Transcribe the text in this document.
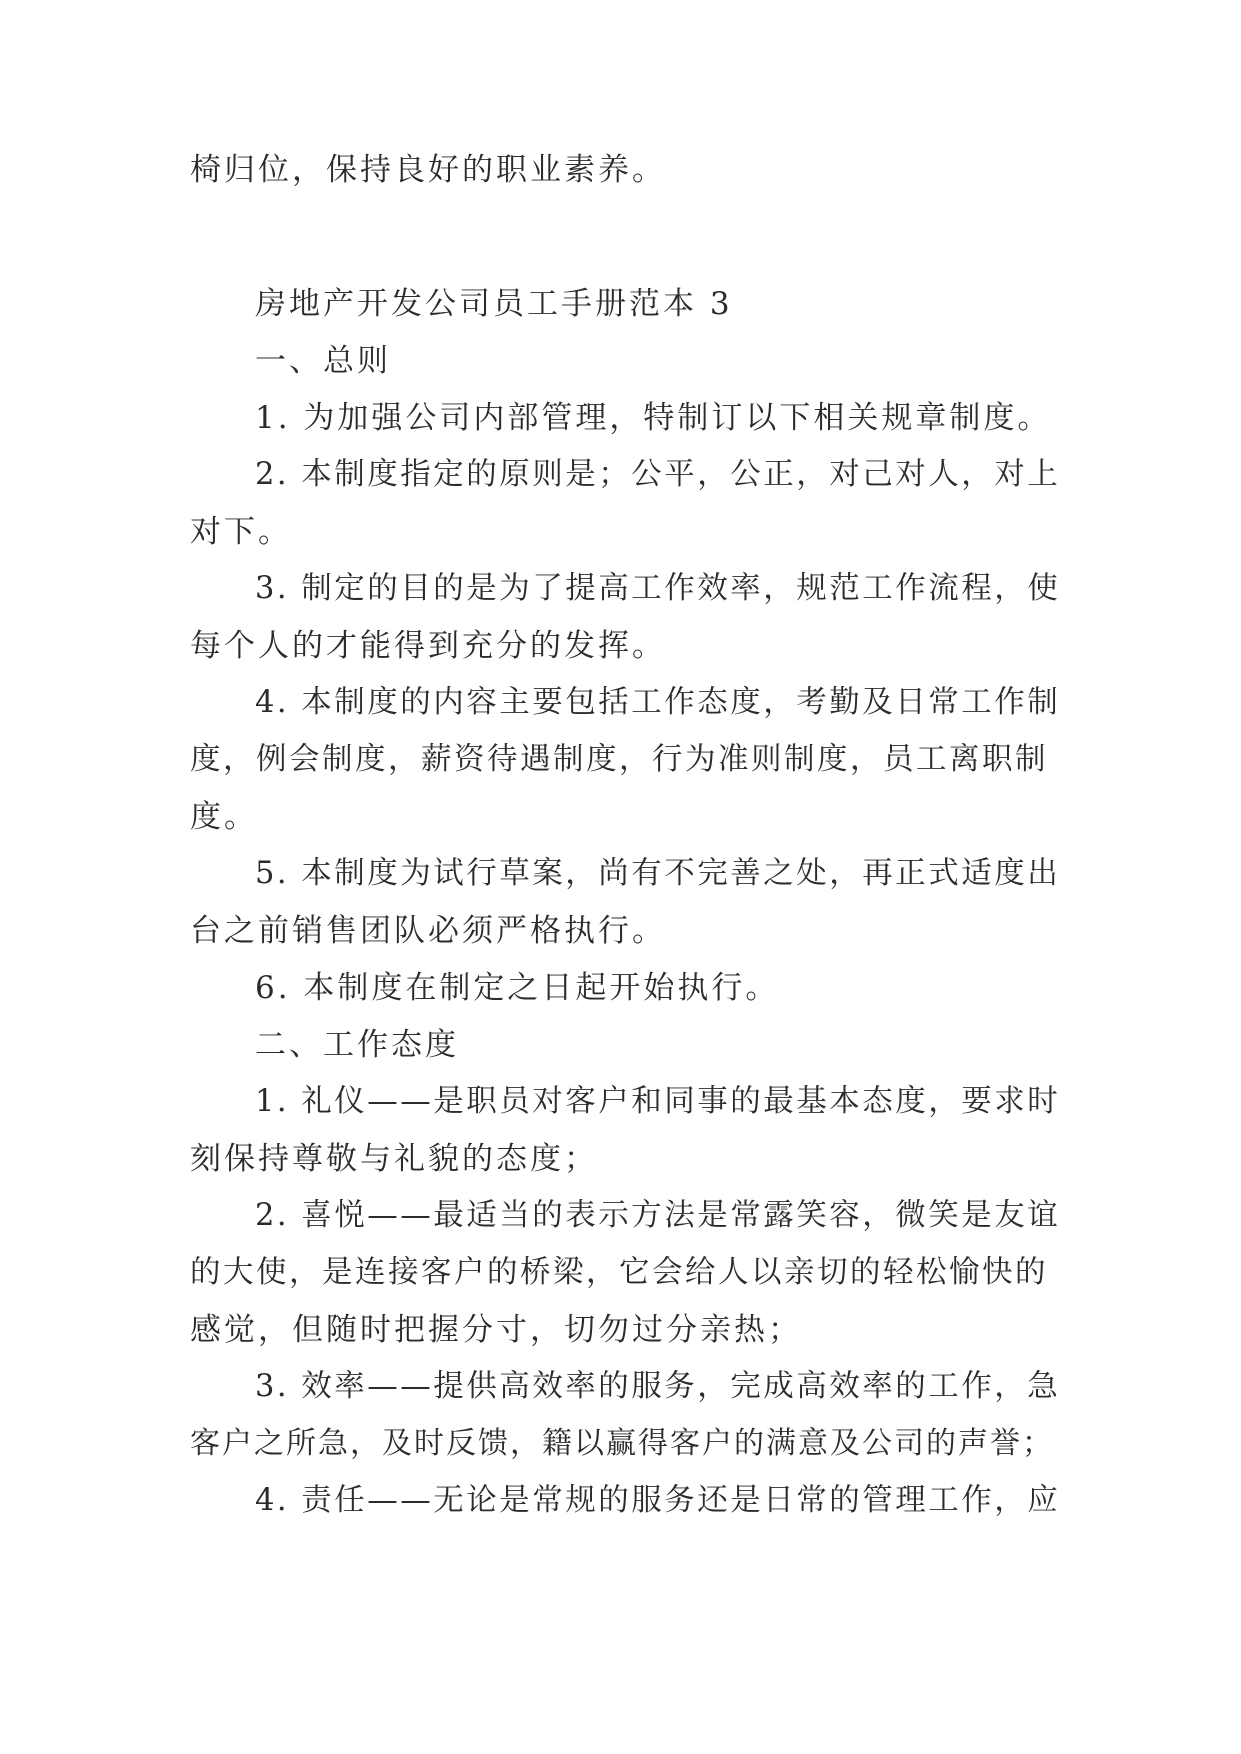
椅归位，保持良好的职业素养。
房地产开发公司员工手册范本 3
一、总则
1. 为加强公司内部管理，特制订以下相关规章制度。
2. 本制度指定的原则是；公平，公正，对己对人，对上
对下。
3. 制定的目的是为了提高工作效率，规范工作流程，使
每个人的才能得到充分的发挥。
4. 本制度的内容主要包括工作态度，考勤及日常工作制
度，例会制度，薪资待遇制度，行为准则制度，员工离职制
度。
5. 本制度为试行草案，尚有不完善之处，再正式适度出
台之前销售团队必须严格执行。
6. 本制度在制定之日起开始执行。
二、工作态度
1. 礼仪——是职员对客户和同事的最基本态度，要求时
刻保持尊敬与礼貌的态度；
2. 喜悦——最适当的表示方法是常露笑容，微笑是友谊
的大使，是连接客户的桥梁，它会给人以亲切的轻松愉快的
感觉，但随时把握分寸，切勿过分亲热；
3. 效率——提供高效率的服务，完成高效率的工作，急
客户之所急，及时反馈，籍以赢得客户的满意及公司的声誉；
4. 责任——无论是常规的服务还是日常的管理工作，应
